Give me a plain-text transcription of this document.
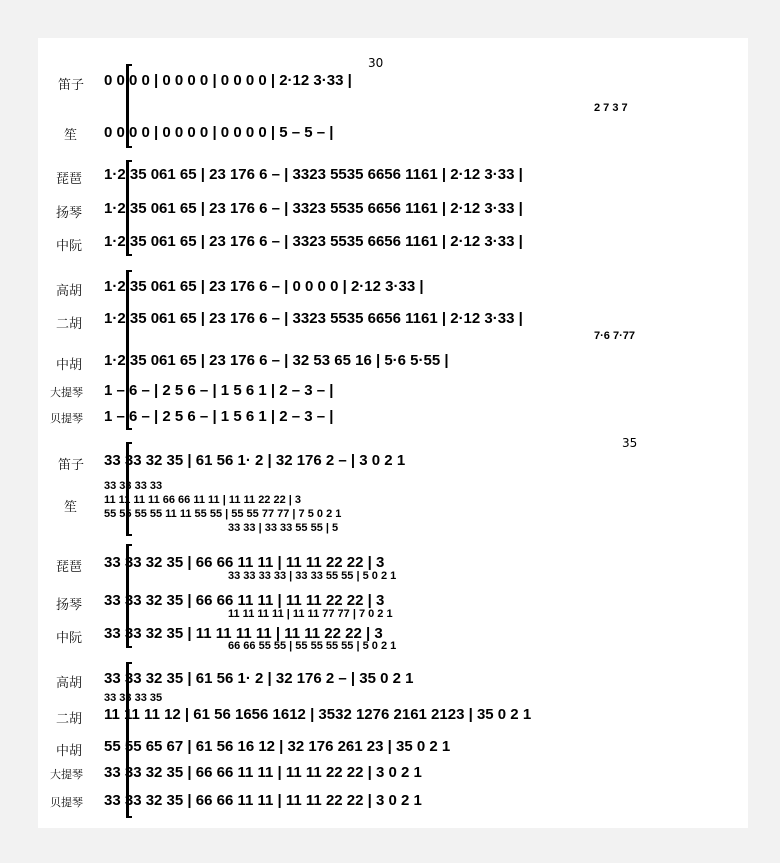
30
笛子
笙
琵琶
扬琴
中阮
高胡
二胡
中胡
大提琴
贝提琴
0 0 0 0 | 0 0 0 0 | 0 0 0 0 | 2·12 3·33 |
2 7 3 7
0 0 0 0 | 0 0 0 0 | 0 0 0 0 | 5 – 5 – |
1·2 35 061 65 | 23 176 6 – | 3323 5535 6656 1161 | 2·12 3·33 |
1·2 35 061 65 | 23 176 6 – | 3323 5535 6656 1161 | 2·12 3·33 |
1·2 35 061 65 | 23 176 6 – | 3323 5535 6656 1161 | 2·12 3·33 |
1·2 35 061 65 | 23 176 6 – | 0 0 0 0 | 2·12 3·33 |
1·2 35 061 65 | 23 176 6 – | 3323 5535 6656 1161 | 2·12 3·33 |
7·6 7·77
1·2 35 061 65 | 23 176 6 – | 32 53 65 16 | 5·6 5·55 |
1 – 6 – | 2 5 6 – | 1 5 6 1 | 2 – 3 – |
1 – 6 – | 2 5 6 – | 1 5 6 1 | 2 – 3 – |
35
笛子
笙
琵琶
扬琴
中阮
高胡
二胡
中胡
大提琴
贝提琴
33 33 32 35 | 61 56 1· 2 | 32 176 2 – | 3 0 2 1
33 33 33 33
11 11 11 11 66 66 11 11 | 11 11 22 22 | 3
55 55 55 55 11 11 55 55 | 55 55 77 77 | 7 5 0 2 1
33 33 | 33 33 55 55 | 5
33 33 32 35 | 66 66 11 11 | 11 11 22 22 | 3
33 33 33 33 | 33 33 55 55 | 5 0 2 1
33 33 32 35 | 66 66 11 11 | 11 11 22 22 | 3
11 11 11 11 | 11 11 77 77 | 7 0 2 1
33 33 32 35 | 11 11 11 11 | 11 11 22 22 | 3
66 66 55 55 | 55 55 55 55 | 5 0 2 1
33 33 32 35 | 61 56 1· 2 | 32 176 2 – | 35 0 2 1
33 33 33 35
11 11 11 12 | 61 56 1656 1612 | 3532 1276 2161 2123 | 35 0 2 1
55 55 65 67 | 61 56 16 12 | 32 176 261 23 | 35 0 2 1
33 33 32 35 | 66 66 11 11 | 11 11 22 22 | 3 0 2 1
33 33 32 35 | 66 66 11 11 | 11 11 22 22 | 3 0 2 1
